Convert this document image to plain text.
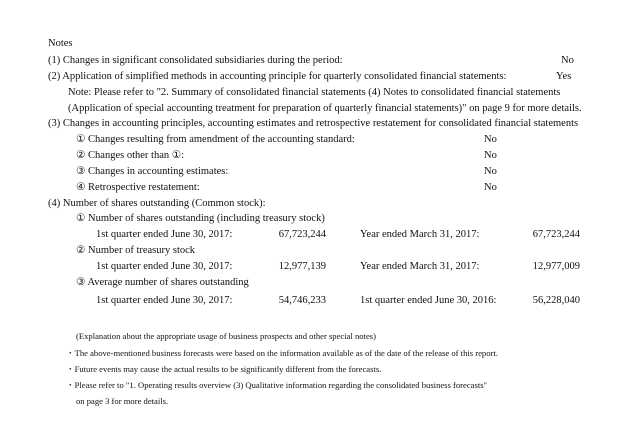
Notes
(1) Changes in significant consolidated subsidiaries during the period:	No
(2) Application of simplified methods in accounting principle for quarterly consolidated financial statements:	Yes
Note: Please refer to "2. Summary of consolidated financial statements (4) Notes to consolidated financial statements
(Application of special accounting treatment for preparation of quarterly financial statements)" on page 9 for more details.
(3) Changes in accounting principles, accounting estimates and retrospective restatement for consolidated financial statements
① Changes resulting from amendment of the accounting standard:	No
② Changes other than ①:	No
③ Changes in accounting estimates:	No
④ Retrospective restatement:	No
(4) Number of shares outstanding (Common stock):
① Number of shares outstanding (including treasury stock)
1st quarter ended June 30, 2017:	67,723,244	Year ended March 31, 2017:	67,723,244
② Number of treasury stock
1st quarter ended June 30, 2017:	12,977,139	Year ended March 31, 2017:	12,977,009
③ Average number of shares outstanding
1st quarter ended June 30, 2017:	54,746,233	1st quarter ended June 30, 2016:	56,228,040
(Explanation about the appropriate usage of business prospects and other special notes)
・The above-mentioned business forecasts were based on the information available as of the date of the release of this report.
・Future events may cause the actual results to be significantly different from the forecasts.
・Please refer to "1. Operating results overview (3) Qualitative information regarding the consolidated business forecasts"
on page 3 for more details.
